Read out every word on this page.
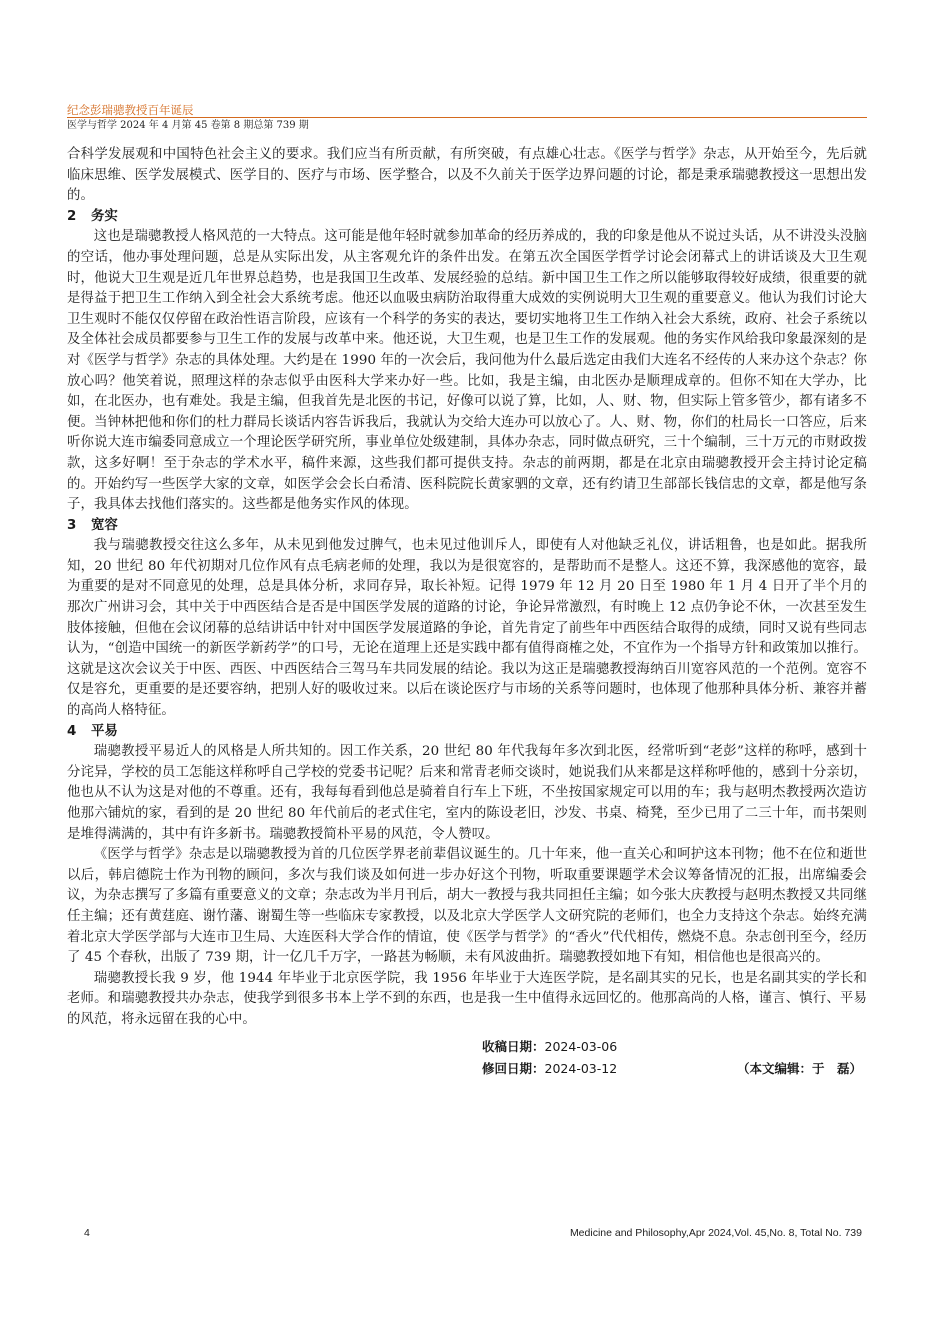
纪念彭瑞骢教授百年诞辰
医学与哲学 2024 年 4 月第 45 卷第 8 期总第 739 期

合科学发展观和中国特色社会主义的要求。我们应当有所贡献，有所突破，有点雄心壮志。《医学与哲学》杂志，从开始至今，先后就临床思维、医学发展模式、医学目的、医疗与市场、医学整合，以及不久前关于医学边界问题的讨论，都是秉承瑞骢教授这一思想出发的。

2 务实

这也是瑞骢教授人格风范的一大特点。这可能是他年轻时就参加革命的经历养成的，我的印象是他从不说过头话，从不讲没头没脑的空话，他办事处理问题，总是从实际出发，从主客观允许的条件出发。在第五次全国医学哲学讨论会闭幕式上的讲话谈及大卫生观时，他说大卫生观是近几年世界总趋势，也是我国卫生改革、发展经验的总结。新中国卫生工作之所以能够取得较好成绩，很重要的就是得益于把卫生工作纳入到全社会大系统考虑。他还以血吸虫病防治取得重大成效的实例说明大卫生观的重要意义。他认为我们讨论大卫生观时不能仅仅停留在政治性语言阶段，应该有一个科学的务实的表达，要切实地将卫生工作纳入社会大系统，政府、社会子系统以及全体社会成员都要参与卫生工作的发展与改革中来。他还说，大卫生观，也是卫生工作的发展观。他的务实作风给我印象最深刻的是对《医学与哲学》杂志的具体处理。大约是在 1990 年的一次会后，我问他为什么最后选定由我们大连名不经传的人来办这个杂志？你放心吗？他笑着说，照理这样的杂志似乎由医科大学来办好一些。比如，我是主编，由北医办是顺理成章的。但你不知在大学办，比如，在北医办，也有难处。我是主编，但我首先是北医的书记，好像可以说了算，比如，人、财、物，但实际上管多管少，都有诸多不便。当钟林把他和你们的杜力群局长谈话内容告诉我后，我就认为交给大连办可以放心了。人、财、物，你们的杜局长一口答应，后来听你说大连市编委同意成立一个理论医学研究所，事业单位处级建制，具体办杂志，同时做点研究，三十个编制，三十万元的市财政拨款，这多好啊！至于杂志的学术水平，稿件来源，这些我们都可提供支持。杂志的前两期，都是在北京由瑞骢教授开会主持讨论定稿的。开始约写一些医学大家的文章，如医学会会长白希清、医科院院长黄家驷的文章，还有约请卫生部部长钱信忠的文章，都是他写条子，我具体去找他们落实的。这些都是他务实作风的体现。

3 宽容

我与瑞骢教授交往这么多年，从未见到他发过脾气，也未见过他训斥人，即使有人对他缺乏礼仪，讲话粗鲁，也是如此。据我所知，20 世纪 80 年代初期对几位作风有点毛病老师的处理，我以为是很宽容的，是帮助而不是整人。这还不算，我深感他的宽容，最为重要的是对不同意见的处理，总是具体分析，求同存异，取长补短。记得 1979 年 12 月 20 日至 1980 年 1 月 4 日开了半个月的那次广州讲习会，其中关于中西医结合是否是中国医学发展的道路的讨论，争论异常激烈，有时晚上 12 点仍争论不休，一次甚至发生肢体接触，但他在会议闭幕的总结讲话中针对中国医学发展道路的争论，首先肯定了前些年中西医结合取得的成绩，同时又说有些同志认为，“创造中国统一的新医学新药学”的口号，无论在道理上还是实践中都有值得商榷之处，不宜作为一个指导方针和政策加以推行。这就是这次会议关于中医、西医、中西医结合三驾马车共同发展的结论。我以为这正是瑞骢教授海纳百川宽容风范的一个范例。宽容不仅是容允，更重要的是还要容纳，把别人好的吸收过来。以后在谈论医疗与市场的关系等问题时，也体现了他那种具体分析、兼容并蓄的高尚人格特征。

4 平易

瑞骢教授平易近人的风格是人所共知的。因工作关系，20 世纪 80 年代我每年多次到北医，经常听到“老彭”这样的称呼，感到十分诧异，学校的员工怎能这样称呼自己学校的党委书记呢？后来和常青老师交谈时，她说我们从来都是这样称呼他的，感到十分亲切，他也从不认为这是对他的不尊重。还有，我每每看到他总是骑着自行车上下班，不坐按国家规定可以用的车；我与赵明杰教授两次造访他那六铺炕的家，看到的是 20 世纪 80 年代前后的老式住宅，室内的陈设老旧，沙发、书桌、椅凳，至少已用了二三十年，而书架则是堆得满满的，其中有许多新书。瑞骢教授简朴平易的风范，令人赞叹。

《医学与哲学》杂志是以瑞骢教授为首的几位医学界老前辈倡议诞生的。几十年来，他一直关心和呵护这本刊物；他不在位和逝世以后，韩启德院士作为刊物的顾问，多次与我们谈及如何进一步办好这个刊物，听取重要课题学术会议筹备情况的汇报，出席编委会议，为杂志撰写了多篇有重要意义的文章；杂志改为半月刊后，胡大一教授与我共同担任主编；如今张大庆教授与赵明杰教授又共同继任主编；还有黄莛庭、谢竹藩、谢蜀生等一些临床专家教授，以及北京大学医学人文研究院的老师们，也全力支持这个杂志。始终充满着北京大学医学部与大连市卫生局、大连医科大学合作的情谊，使《医学与哲学》的“香火”代代相传，燃烧不息。杂志创刊至今，经历了 45 个春秋，出版了 739 期，计一亿几千万字，一路甚为畅顺，未有风波曲折。瑞骢教授如地下有知，相信他也是很高兴的。

瑞骢教授长我 9 岁，他 1944 年毕业于北京医学院，我 1956 年毕业于大连医学院，是名副其实的兄长，也是名副其实的学长和老师。和瑞骢教授共办杂志，使我学到很多书本上学不到的东西，也是我一生中值得永远回忆的。他那高尚的人格，谨言、慎行、平易的风范，将永远留在我的心中。

收稿日期：2024-03-06
修回日期：2024-03-12	（本文编辑：于　磊）
4	Medicine and Philosophy,Apr 2024,Vol. 45,No. 8, Total No. 739
